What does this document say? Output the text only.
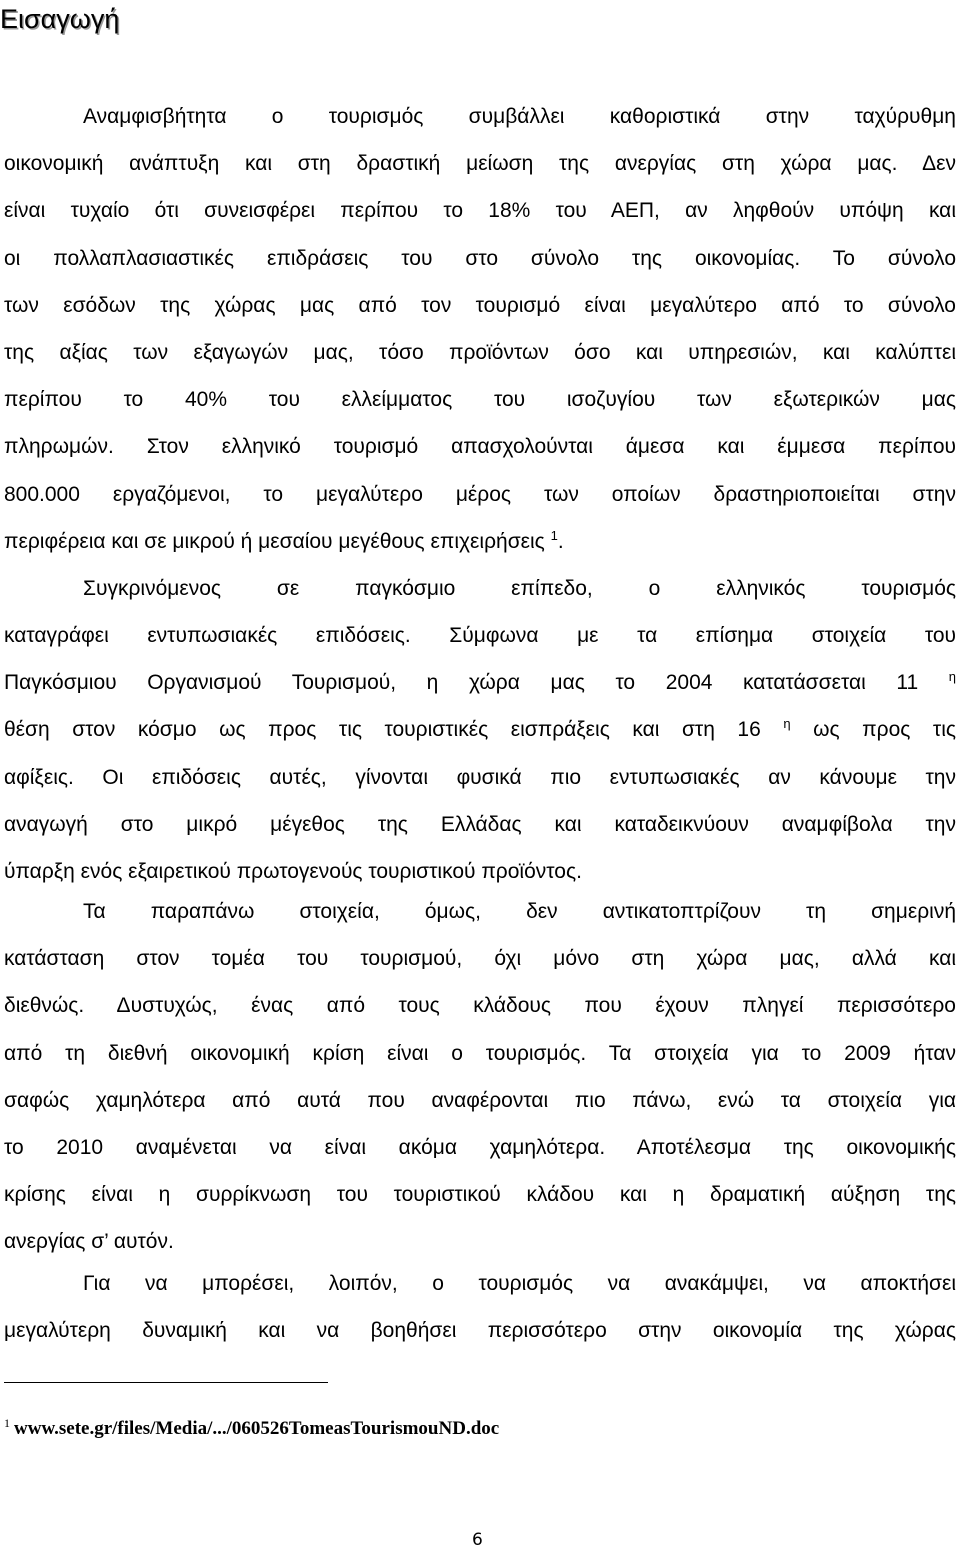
Εισαγωγή
Αναμφισβήτητα ο τουρισμός συμβάλλει καθοριστικά στην ταχύρυθμη
οικονομική ανάπτυξη και στη δραστική μείωση της ανεργίας στη χώρα μας. Δεν
είναι τυχαίο ότι συνεισφέρει περίπου το 18% του ΑΕΠ, αν ληφθούν υπόψη και
οι πολλαπλασιαστικές επιδράσεις του στο σύνολο της οικονομίας. Το σύνολο
των εσόδων της χώρας μας από τον τουρισμό είναι μεγαλύτερο από το σύνολο
της αξίας των εξαγωγών μας, τόσο προϊόντων όσο και υπηρεσιών, και καλύπτει
περίπου το 40% του ελλείμματος του ισοζυγίου των εξωτερικών μας
πληρωμών. Στον ελληνικό τουρισμό απασχολούνται άμεσα και έμμεσα περίπου
800.000 εργαζόμενοι, το μεγαλύτερο μέρος των οποίων δραστηριοποιείται στην
περιφέρεια και σε μικρού ή μεσαίου μεγέθους επιχειρήσεις $^1$.
Συγκρινόμενος σε παγκόσμιο επίπεδο, ο ελληνικός τουρισμός
καταγράφει εντυπωσιακές επιδόσεις. Σύμφωνα με τα επίσημα στοιχεία του
Παγκόσμιου Οργανισμού Τουρισμού, η χώρα μας το 2004 κατατάσσεται 11 $^\eta$
θέση στον κόσμο ως προς τις τουριστικές εισπράξεις και στη 16 $^\eta$ ως προς τις
αφίξεις. Οι επιδόσεις αυτές, γίνονται φυσικά πιο εντυπωσιακές αν κάνουμε την
αναγωγή στο μικρό μέγεθος της Ελλάδας και καταδεικνύουν αναμφίβολα την
ύπαρξη ενός εξαιρετικού πρωτογενούς τουριστικού προϊόντος.
Τα παραπάνω στοιχεία, όμως, δεν αντικατοπτρίζουν τη σημερινή
κατάσταση στον τομέα του τουρισμού, όχι μόνο στη χώρα μας, αλλά και
διεθνώς. Δυστυχώς, ένας από τους κλάδους που έχουν πληγεί περισσότερο
από τη διεθνή οικονομική κρίση είναι ο τουρισμός. Τα στοιχεία για το 2009 ήταν
σαφώς χαμηλότερα από αυτά που αναφέρονται πιο πάνω, ενώ τα στοιχεία για
το 2010 αναμένεται να είναι ακόμα χαμηλότερα. Αποτέλεσμα της οικονομικής
κρίσης είναι η συρρίκνωση του τουριστικού κλάδου και η δραματική αύξηση της
ανεργίας σ’ αυτόν.
Για να μπορέσει, λοιπόν, ο τουρισμός να ανακάμψει, να αποκτήσει
μεγαλύτερη δυναμική και να βοηθήσει περισσότερο στην οικονομία της χώρας
$^1$ www.sete.gr/files/Media/.../060526TomeasTourismouND.doc
6
